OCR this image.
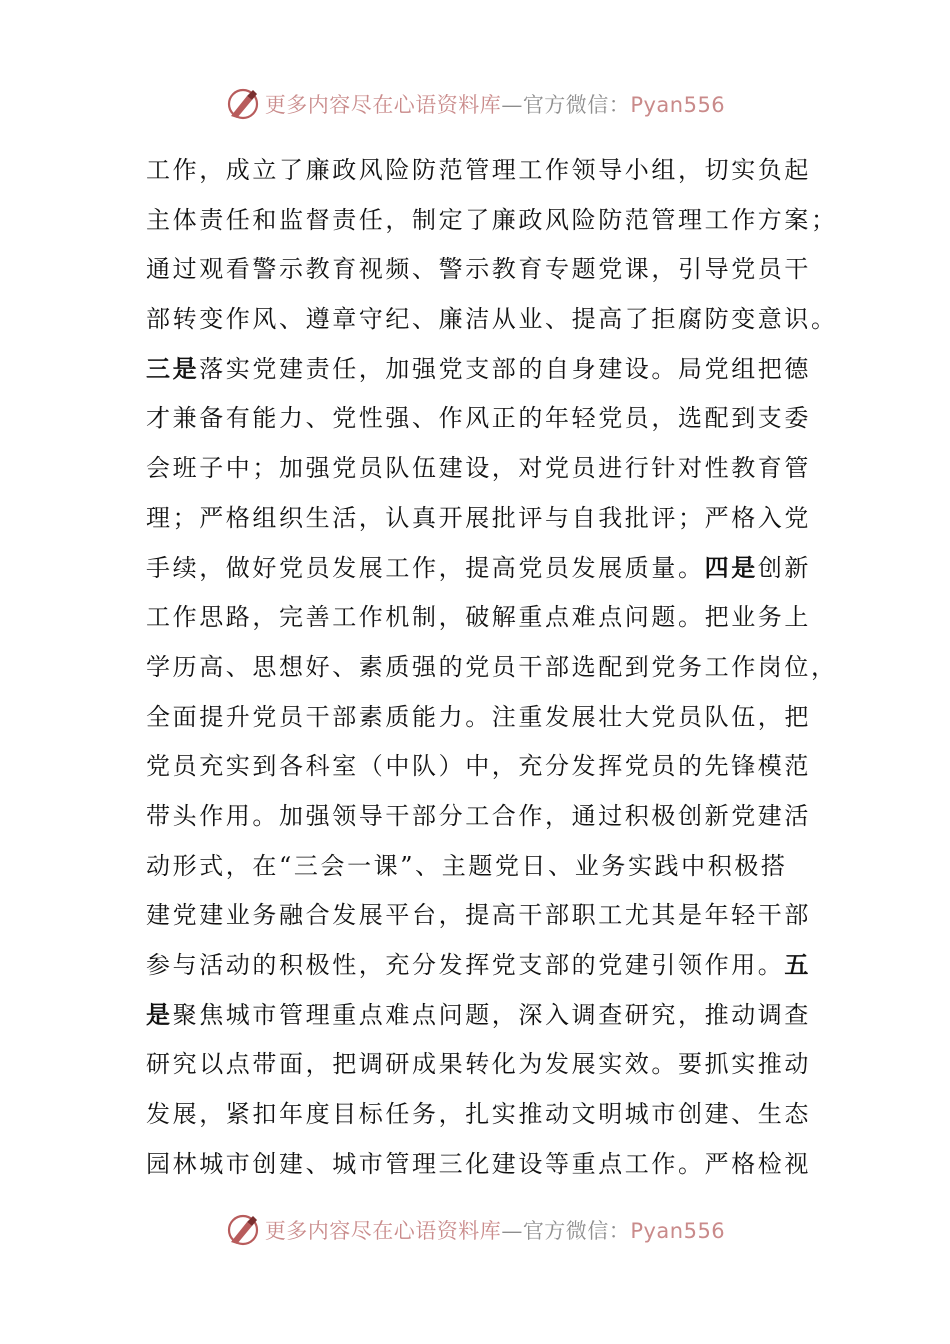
更多内容尽在心语资料库—官方微信：Pyan556
工作，成立了廉政风险防范管理工作领导小组，切实负起
主体责任和监督责任，制定了廉政风险防范管理工作方案；
通过观看警示教育视频、警示教育专题党课，引导党员干
部转变作风、遵章守纪、廉洁从业、提高了拒腐防变意识。
三是落实党建责任，加强党支部的自身建设。局党组把德
才兼备有能力、党性强、作风正的年轻党员，选配到支委
会班子中；加强党员队伍建设，对党员进行针对性教育管
理；严格组织生活，认真开展批评与自我批评；严格入党
手续，做好党员发展工作，提高党员发展质量。四是创新
工作思路，完善工作机制，破解重点难点问题。把业务上
学历高、思想好、素质强的党员干部选配到党务工作岗位，
全面提升党员干部素质能力。注重发展壮大党员队伍，把
党员充实到各科室（中队）中，充分发挥党员的先锋模范
带头作用。加强领导干部分工合作，通过积极创新党建活
动形式，在“三会一课”、主题党日、业务实践中积极搭
建党建业务融合发展平台，提高干部职工尤其是年轻干部
参与活动的积极性，充分发挥党支部的党建引领作用。五
是聚焦城市管理重点难点问题，深入调查研究，推动调查
研究以点带面，把调研成果转化为发展实效。要抓实推动
发展，紧扣年度目标任务，扎实推动文明城市创建、生态
园林城市创建、城市管理三化建设等重点工作。严格检视
更多内容尽在心语资料库—官方微信：Pyan556
